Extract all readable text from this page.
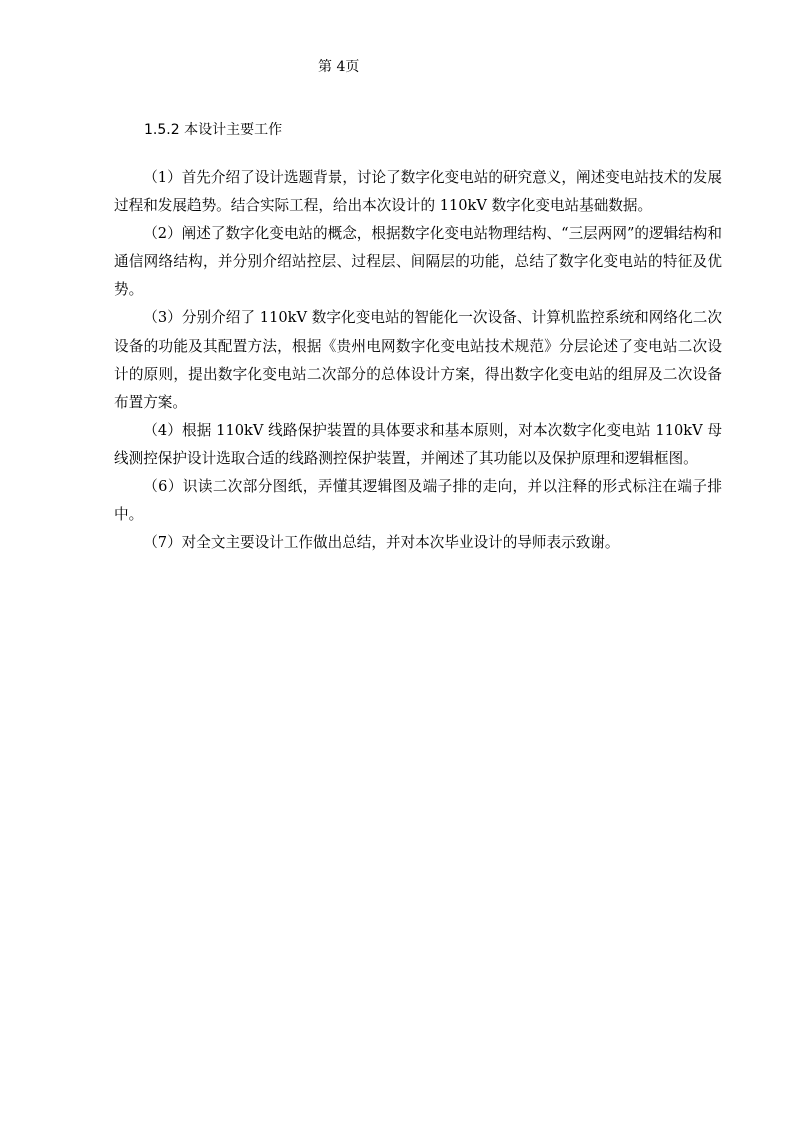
第 4页
1.5.2 本设计主要工作

（1）首先介绍了设计选题背景，讨论了数字化变电站的研究意义，阐述变电站技术的发展过程和发展趋势。结合实际工程，给出本次设计的 110kV 数字化变电站基础数据。

（2）阐述了数字化变电站的概念，根据数字化变电站物理结构、“三层两网”的逻辑结构和通信网络结构，并分别介绍站控层、过程层、间隔层的功能，总结了数字化变电站的特征及优势。

（3）分别介绍了 110kV 数字化变电站的智能化一次设备、计算机监控系统和网络化二次设备的功能及其配置方法，根据《贵州电网数字化变电站技术规范》分层论述了变电站二次设计的原则，提出数字化变电站二次部分的总体设计方案，得出数字化变电站的组屏及二次设备布置方案。

（4）根据 110kV 线路保护装置的具体要求和基本原则，对本次数字化变电站 110kV 母线测控保护设计选取合适的线路测控保护装置，并阐述了其功能以及保护原理和逻辑框图。

（6）识读二次部分图纸，弄懂其逻辑图及端子排的走向，并以注释的形式标注在端子排中。

（7）对全文主要设计工作做出总结，并对本次毕业设计的导师表示致谢。
